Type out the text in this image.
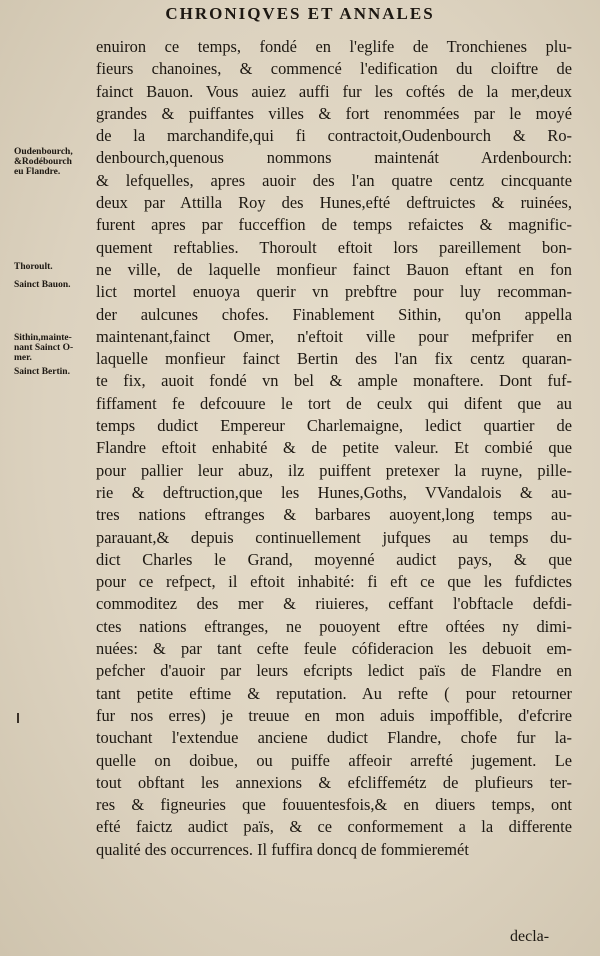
CHRONIQVES ET ANNALES
Oudenbourch,
&Rodébourch
eu Flandre.
Thoroult.
Sainct Bauon.
Sithin,mainte-
nant Sainct O-
mer.
Sainct Bertin.
enuiron ce temps, fondé en l'eglife de Tronchienes plu-
fieurs chanoines, & commencé l'edification du cloiftre de
fainct Bauon. Vous auiez auffi fur les coftés de la mer,deux
grandes & puiffantes villes & fort renommées par le moyé
de la marchandife,qui fi contractoit,Oudenbourch & Ro-
denbourch,quenous nommons maintenát Ardenbourch:
& lefquelles, apres auoir des l'an quatre centz cincquante
deux par Attilla Roy des Hunes,efté deftruictes & ruinées,
furent apres par fucceffion de temps refaictes & magnific-
quement reftablies. Thoroult eftoit lors pareillement bon-
ne ville, de laquelle monfieur fainct Bauon eftant en fon
lict mortel enuoya querir vn prebftre pour luy recomman-
der aulcunes chofes. Finablement Sithin, qu'on appella
maintenant,fainct Omer, n'eftoit ville pour mefprifer en
laquelle monfieur fainct Bertin des l'an fix centz quaran-
te fix, auoit fondé vn bel & ample monaftere. Dont fuf-
fiffament fe defcouure le tort de ceulx qui difent que au
temps dudict Empereur Charlemaigne, ledict quartier de
Flandre eftoit enhabité & de petite valeur. Et combié que
pour pallier leur abuz, ilz puiffent pretexer la ruyne, pille-
rie & deftruction,que les Hunes,Goths, VVandalois & au-
tres nations eftranges & barbares auoyent,long temps au-
parauant,& depuis continuellement jufques au temps du-
dict Charles le Grand, moyenné audict pays, & que
pour ce refpect, il eftoit inhabité: fi eft ce que les fufdictes
commoditez des mer & riuieres, ceffant l'obftacle defdi-
ctes nations eftranges, ne pouoyent eftre oftées ny dimi-
nuées: & par tant cefte feule cófideracion les debuoit em-
pefcher d'auoir par leurs efcripts ledict païs de Flandre en
tant petite eftime & reputation. Au refte ( pour retourner
fur nos erres) je treuue en mon aduis impoffible, d'efcrire
touchant l'extendue anciene dudict Flandre, chofe fur la-
quelle on doibue, ou puiffe affeoir arrefté jugement. Le
tout obftant les annexions & efcliffemétz de plufieurs ter-
res & figneuries que fouuentesfois,& en diuers temps, ont
efté faictz audict païs, & ce conformement a la differente
qualité des occurrences. Il fuffira doncq de fommieremét
decla-
